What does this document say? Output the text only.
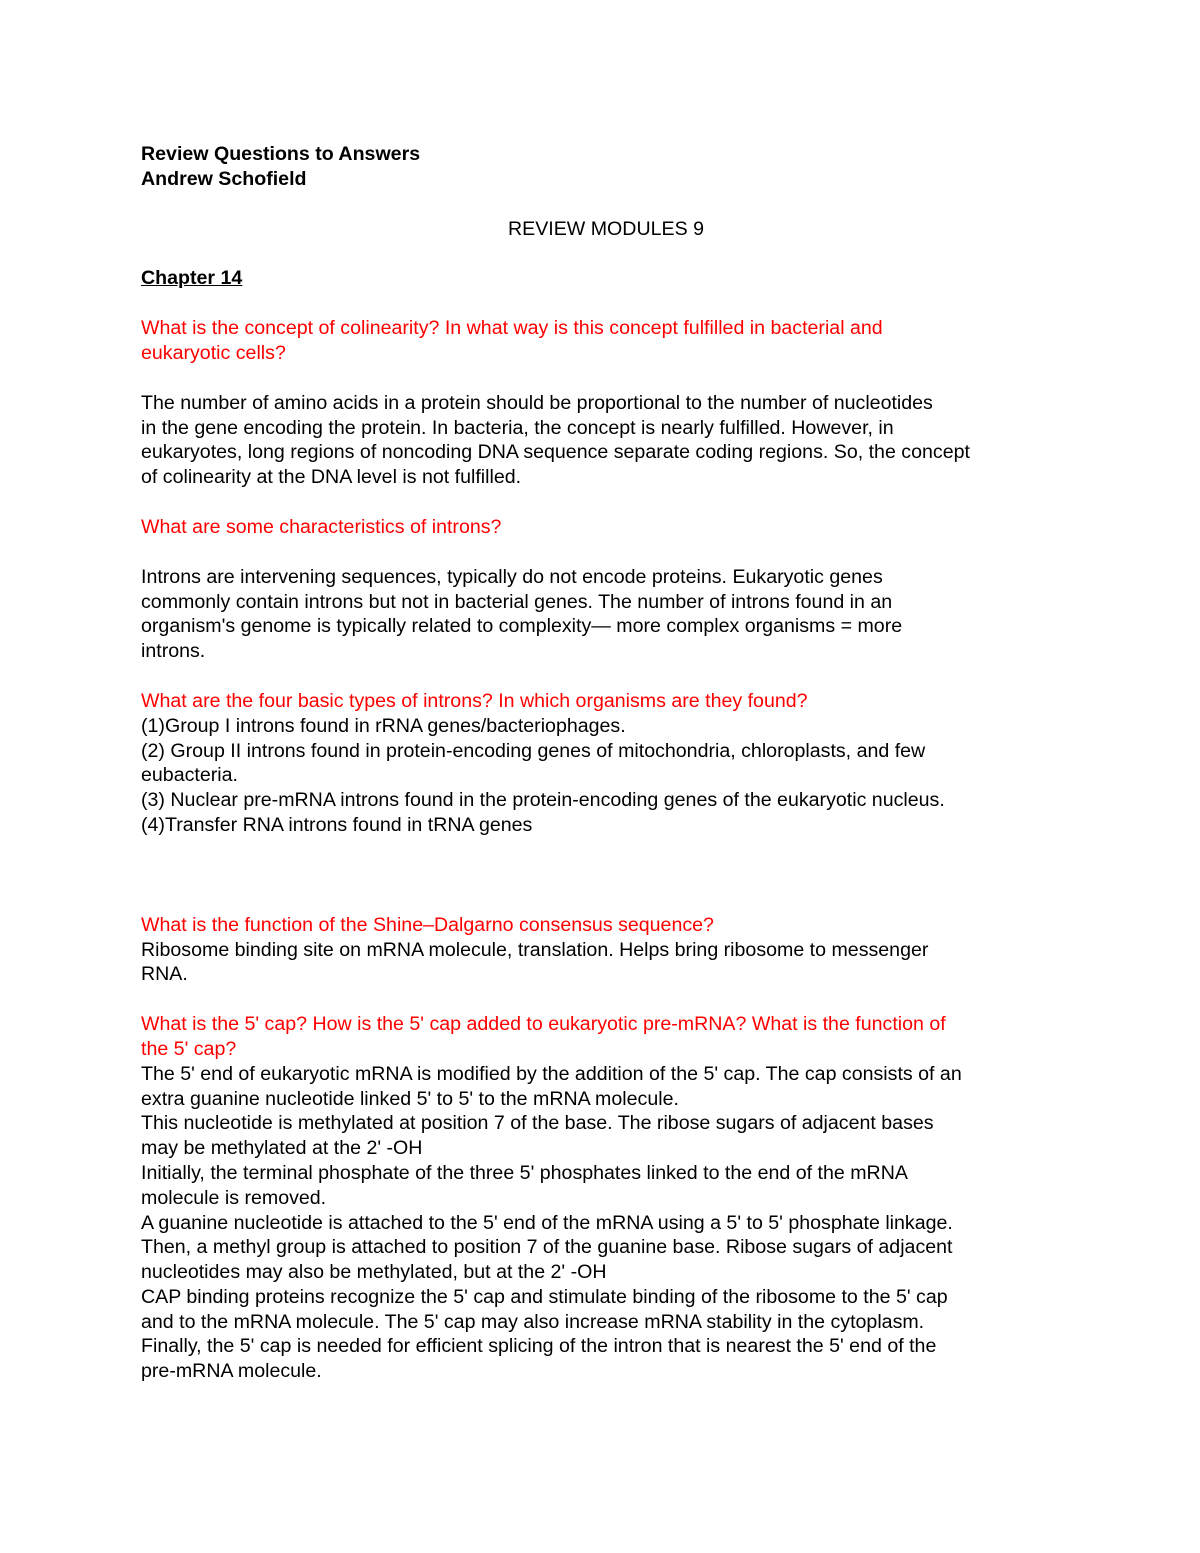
Review Questions to Answers
Andrew Schofield
REVIEW MODULES 9
Chapter 14
What is the concept of colinearity? In what way is this concept fulfilled in bacterial and
eukaryotic cells?
The number of amino acids in a protein should be proportional to the number of nucleotides
in the gene encoding the protein. In bacteria, the concept is nearly fulfilled. However, in
eukaryotes, long regions of noncoding DNA sequence separate coding regions. So, the concept
of colinearity at the DNA level is not fulfilled.
What are some characteristics of introns?
Introns are intervening sequences, typically do not encode proteins. Eukaryotic genes
commonly contain introns but not in bacterial genes. The number of introns found in an
organism's genome is typically related to complexity— more complex organisms = more
introns.
What are the four basic types of introns? In which organisms are they found?
(1)Group I introns found in rRNA genes/bacteriophages.
(2) Group II introns found in protein-encoding genes of mitochondria, chloroplasts, and few
eubacteria.
(3) Nuclear pre-mRNA introns found in the protein-encoding genes of the eukaryotic nucleus.
(4)Transfer RNA introns found in tRNA genes
What is the function of the Shine–Dalgarno consensus sequence?
Ribosome binding site on mRNA molecule, translation. Helps bring ribosome to messenger
RNA.
What is the 5' cap? How is the 5' cap added to eukaryotic pre-mRNA? What is the function of
the 5' cap?
The 5' end of eukaryotic mRNA is modified by the addition of the 5' cap. The cap consists of an
extra guanine nucleotide linked 5' to 5' to the mRNA molecule.
This nucleotide is methylated at position 7 of the base. The ribose sugars of adjacent bases
may be methylated at the 2' -OH
Initially, the terminal phosphate of the three 5' phosphates linked to the end of the mRNA
molecule is removed.
A guanine nucleotide is attached to the 5' end of the mRNA using a 5' to 5' phosphate linkage.
Then, a methyl group is attached to position 7 of the guanine base. Ribose sugars of adjacent
nucleotides may also be methylated, but at the 2' -OH
CAP binding proteins recognize the 5' cap and stimulate binding of the ribosome to the 5' cap
and to the mRNA molecule. The 5' cap may also increase mRNA stability in the cytoplasm.
Finally, the 5' cap is needed for efficient splicing of the intron that is nearest the 5' end of the
pre-mRNA molecule.
